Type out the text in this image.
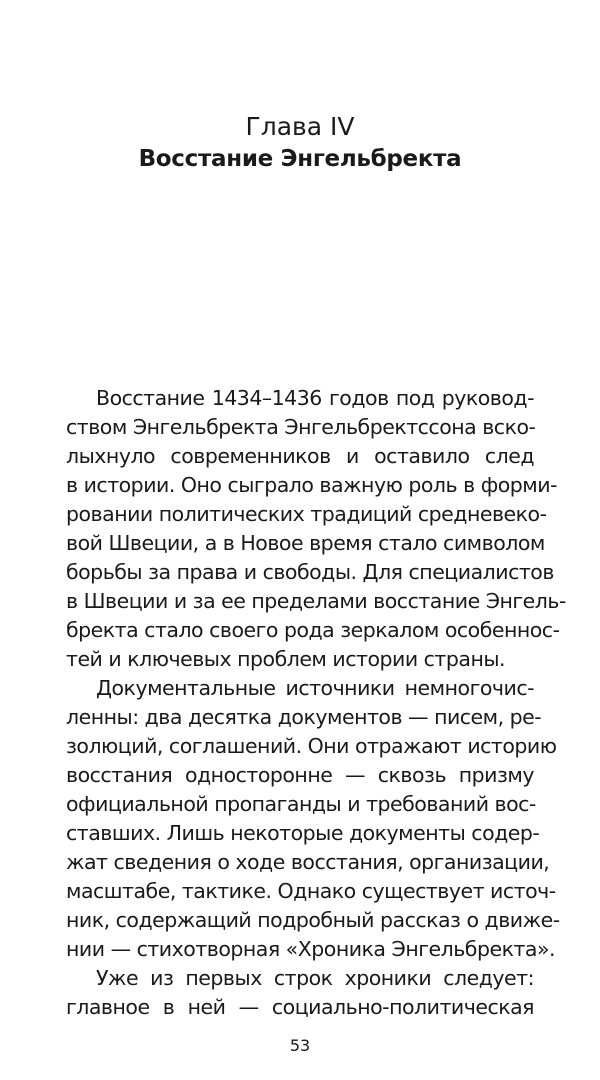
Глава IV
Восстание Энгельбректа
Восстание 1434–1436 годов под руковод-
ством Энгельбректа Энгельбректссона вско-
лыхнуло современников и оставило след
в истории. Оно сыграло важную роль в форми-
ровании политических традиций средневеко-
вой Швеции, а в Новое время стало символом
борьбы за права и свободы. Для специалистов
в Швеции и за ее пределами восстание Энгель-
бректа стало своего рода зеркалом особеннос-
тей и ключевых проблем истории страны.
Документальные источники немногочис-
ленны: два десятка документов — писем, ре-
золюций, соглашений. Они отражают историю
восстания односторонне — сквозь призму
официальной пропаганды и требований вос-
ставших. Лишь некоторые документы содер-
жат сведения о ходе восстания, организации,
масштабе, тактике. Однако существует источ-
ник, содержащий подробный рассказ о движе-
нии — стихотворная «Хроника Энгельбректа».
Уже из первых строк хроники следует:
главное в ней — социально-политическая
53
